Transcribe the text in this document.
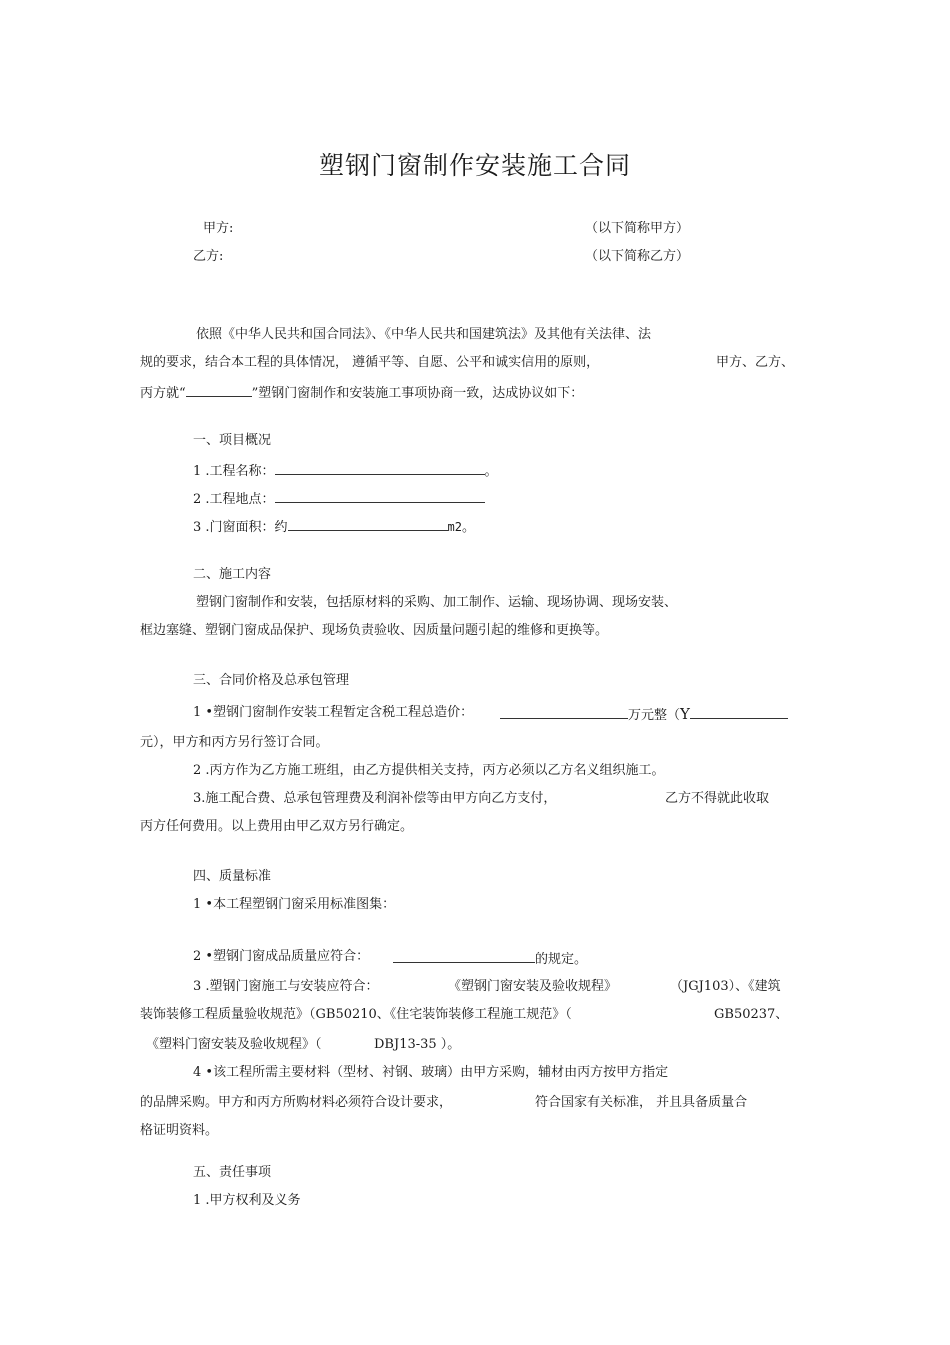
塑钢门窗制作安装施工合同
甲方:	（以下简称甲方）
乙方:	（以下简称乙方）
依照《中华人民共和国合同法》、《中华人民共和国建筑法》及其他有关法律、法
规的要求，结合本工程的具体情况， 遵循平等、自愿、公平和诚实信用的原则，	甲方、乙方、
丙方就“	”塑钢门窗制作和安装施工事项协商一致，达成协议如下：
一、项目概况
1 .工程名称：	。
2 .工程地点：
3 .门窗面积：约	m2。
二、施工内容
塑钢门窗制作和安装，包括原材料的采购、加工制作、运输、现场协调、现场安装、
框边塞缝、塑钢门窗成品保护、现场负责验收、因质量问题引起的维修和更换等。
三、合同价格及总承包管理
1 •塑钢门窗制作安装工程暂定含税工程总造价：	万元整（Y
元），甲方和丙方另行签订合同。
2 .丙方作为乙方施工班组，由乙方提供相关支持，丙方必须以乙方名义组织施工。
3.施工配合费、总承包管理费及利润补偿等由甲方向乙方支付，	乙方不得就此收取
丙方任何费用。以上费用由甲乙双方另行确定。
四、质量标准
1 •本工程塑钢门窗采用标准图集：
2 •塑钢门窗成品质量应符合：	的规定。
3 .塑钢门窗施工与安装应符合：	《塑钢门窗安装及验收规程》	（JGJ103）、《建筑
装饰装修工程质量验收规范》（GB50210、《住宅装饰装修工程施工规范》（	GB50237、
《塑料门窗安装及验收规程》（	DBJ13-35 ）。
4 •该工程所需主要材料（型材、衬钢、玻璃）由甲方采购，辅材由丙方按甲方指定
的品牌采购。甲方和丙方所购材料必须符合设计要求，	符合国家有关标准， 并且具备质量合
格证明资料。
五、责任事项
1 .甲方权利及义务
